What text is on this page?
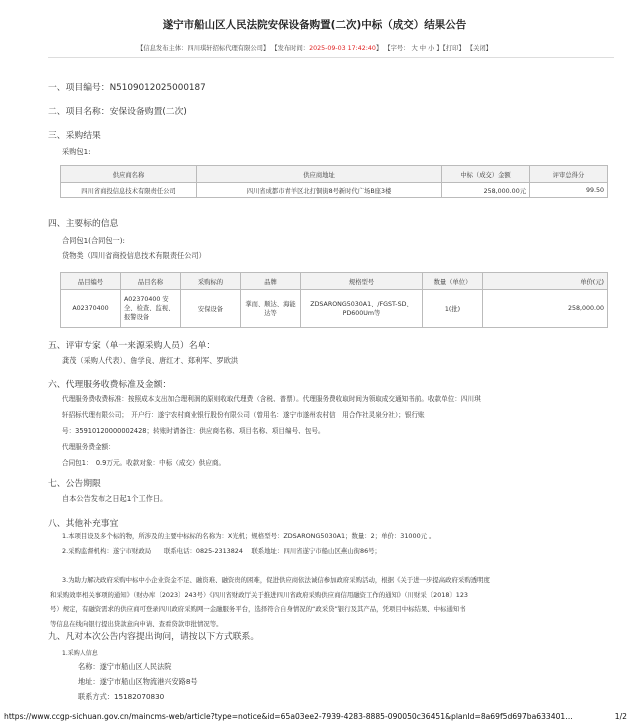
遂宁市船山区人民法院安保设备购置(二次)中标（成交）结果公告
【信息发布主体：四川琪轩招标代理有限公司】 【发布时间：2025-09-03 17:42:40】 【字号： 大 中 小 】【打印】 【关闭】
一、项目编号：N5109012025000187
二、项目名称：安保设备购置(二次)
三、采购结果
采购包1:
供应商名称	供应商地址	中标（成交）金额	评审总得分
四川省商投信息技术有限责任公司	四川省成都市青羊区北打铜街8号新时代广场B座3楼	258,000.00元	99.50
四、主要标的信息
合同包1(合同包一):
货物类（四川省商投信息技术有限责任公司）
品目编号	品目名称	采购标的	品牌	规格型号	数量（单位）	单价(元)
A02370400	A02370400 安全、检查、监视、报警设备	安保设备	掌而、顺达、海能达等	ZDSARONG5030A1、/FGST-SD、PD600Um等	1(批)	258,000.00
五、评审专家（单一来源采购人员）名单：
龚茂（采购人代表）、詹学良、唐红才、郑利军、罗欧洪
六、代理服务收费标准及金额：
代理服务费收费标准：按照成本支出加合理利润的原则收取代理费（含税、普票）。代理服务费收取时间为领取成交通知书前。收款单位：四川琪
轩招标代理有限公司；　开户行：遂宁农村商业银行股份有限公司（曾用名：遂宁市遂州农村信　用合作社灵泉分社）；银行账
号：35910120000002428；转账时请备注：供应商名称、项目名称、项目编号、包号。
代理服务费金额：
合同包1：　0.9万元。收款对象：中标（成交）供应商。
七、公告期限
自本公告发布之日起1个工作日。
八、其他补充事宜
1.本项目设及多个标的物，所涉及的主要中标标的名称为：X光机；规格型号：ZDSARONG5030A1；数量：2；单价：31000元 。
2.采购监督机构：遂宁市财政局　　联系电话：0825-2313824　 联系地址：四川省遂宁市船山区燕山街86号；
3.为助力解决政府采购中标中小企业资金不足、融资难、融资贵的困难，促进供应商依法诚信参加政府采购活动，根据《关于进一步提高政府采购透明度
和采购效率相关事项的通知》（财办库〔2023〕243号）《四川省财政厅关于推进四川省政府采购供应商信用融资工作的通知》（川财采〔2018〕123
号）规定，有融资需求的供应商可登录四川政府采购网一金融服务平台，选择符合自身情况的“政采贷”银行及其产品，凭项目中标结果、中标通知书
等信息在线向银行提出贷款意向申请、查看贷款审批情况等。
九、凡对本次公告内容提出询问，请按以下方式联系。
1.采购人信息
名称：遂宁市船山区人民法院
地址：遂宁市船山区物流港兴安路8号
联系方式：15182070830
https://www.ccgp-sichuan.gov.cn/maincms-web/article?type=notice&id=65a03ee2-7939-4283-8885-090050c36451&planId=8a69f5d697ba633401…	1/2
